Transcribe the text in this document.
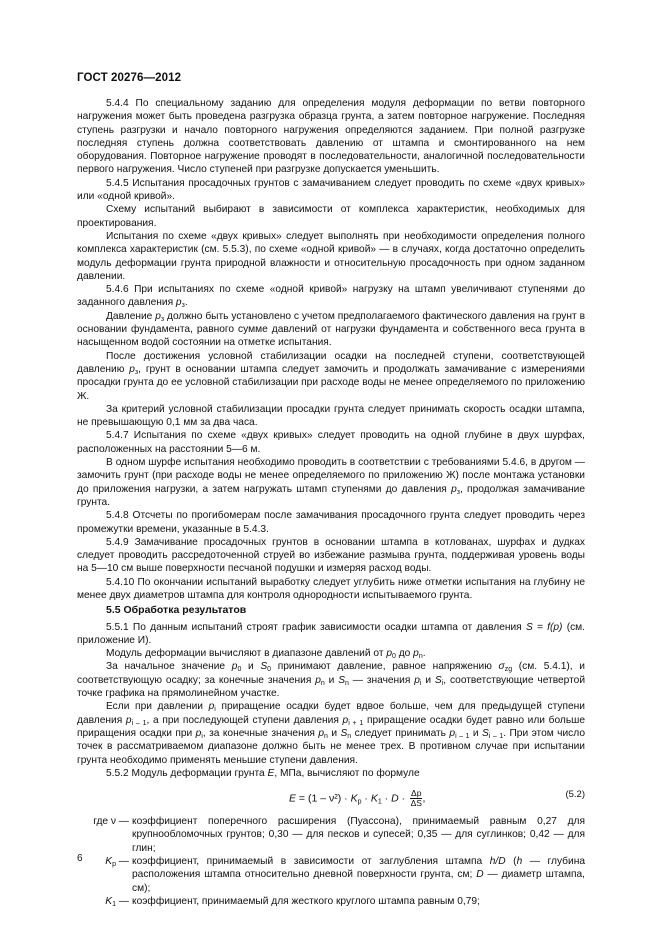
ГОСТ 20276—2012

5.4.4 По специальному заданию для определения модуля деформации по ветви повторного нагружения может быть проведена разгрузка образца грунта, а затем повторное нагружение. Последняя ступень разгрузки и начало повторного нагружения определяются заданием. При полной разгрузке последняя ступень должна соответствовать давлению от штампа и смонтированного на нем оборудования. Повторное нагружение проводят в последовательности, аналогичной последовательности первого нагружения. Число ступеней при разгрузке допускается уменьшить.

5.4.5 Испытания просадочных грунтов с замачиванием следует проводить по схеме «двух кривых» или «одной кривой».

Схему испытаний выбирают в зависимости от комплекса характеристик, необходимых для проектирования.

Испытания по схеме «двух кривых» следует выполнять при необходимости определения полного комплекса характеристик (см. 5.5.3), по схеме «одной кривой» — в случаях, когда достаточно определить модуль деформации грунта природной влажности и относительную просадочность при одном заданном давлении.

5.4.6 При испытаниях по схеме «одной кривой» нагрузку на штамп увеличивают ступенями до заданного давления $p_з$.

Давление $p_з$ должно быть установлено с учетом предполагаемого фактического давления на грунт в основании фундамента, равного сумме давлений от нагрузки фундамента и собственного веса грунта в насыщенном водой состоянии на отметке испытания.

После достижения условной стабилизации осадки на последней ступени, соответствующей давлению $p_з$, грунт в основании штампа следует замочить и продолжать замачивание с измерениями просадки грунта до ее условной стабилизации при расходе воды не менее определяемого по приложению Ж.

За критерий условной стабилизации просадки грунта следует принимать скорость осадки штампа, не превышающую 0,1 мм за два часа.

5.4.7 Испытания по схеме «двух кривых» следует проводить на одной глубине в двух шурфах, расположенных на расстоянии 5—6 м.

В одном шурфе испытания необходимо проводить в соответствии с требованиями 5.4.6, в другом — замочить грунт (при расходе воды не менее определяемого по приложению Ж) после монтажа установки до приложения нагрузки, а затем нагружать штамп ступенями до давления $p_з$, продолжая замачивание грунта.

5.4.8 Отсчеты по прогибомерам после замачивания просадочного грунта следует проводить через промежутки времени, указанные в 5.4.3.

5.4.9 Замачивание просадочных грунтов в основании штампа в котлованах, шурфах и дудках следует проводить рассредоточенной струей во избежание размыва грунта, поддерживая уровень воды на 5—10 см выше поверхности песчаной подушки и измеряя расход воды.

5.4.10 По окончании испытаний выработку следует углубить ниже отметки испытания на глубину не менее двух диаметров штампа для контроля однородности испытываемого грунта.

5.5 Обработка результатов

5.5.1 По данным испытаний строят график зависимости осадки штампа от давления S = f(p) (см. приложение И).

Модуль деформации вычисляют в диапазоне давлений от $p_0$ до $p_n$.

За начальное значение $p_0$ и $S_0$ принимают давление, равное напряжению $\sigma_{zg}$ (см. 5.4.1), и соответствующую осадку; за конечные значения $p_n$ и $S_n$ — значения $p_i$ и $S_i$, соответствующие четвертой точке графика на прямолинейном участке.

Если при давлении $p_i$ приращение осадки будет вдвое больше, чем для предыдущей ступени давления $p_{i - 1}$, а при последующей ступени давления $p_{i + 1}$ приращение осадки будет равно или больше приращения осадки при $p_i$, за конечные значения $p_n$ и $S_n$ следует принимать $p_{i - 1}$ и $S_{i - 1}$. При этом число точек в рассматриваемом диапазоне должно быть не менее трех. В противном случае при испытании грунта необходимо применять меньшие ступени давления.

5.5.2 Модуль деформации грунта E, МПа, вычисляют по формуле

$E = (1 - \nu^2) \cdot K_p \cdot K_1 \cdot D \cdot \frac{\Delta p}{\Delta S}$ ,	(5.2)
где ν — коэффициент поперечного расширения (Пуассона), принимаемый равным 0,27 для крупнообломочных грунтов; 0,30 — для песков и супесей; 0,35 — для суглинков; 0,42 — для глин;
$K_p$ — коэффициент, принимаемый в зависимости от заглубления штампа h/D (h — глубина расположения штампа относительно дневной поверхности грунта, см; D — диаметр штампа, см);
$K_1$ — коэффициент, принимаемый для жесткого круглого штампа равным 0,79;
6
